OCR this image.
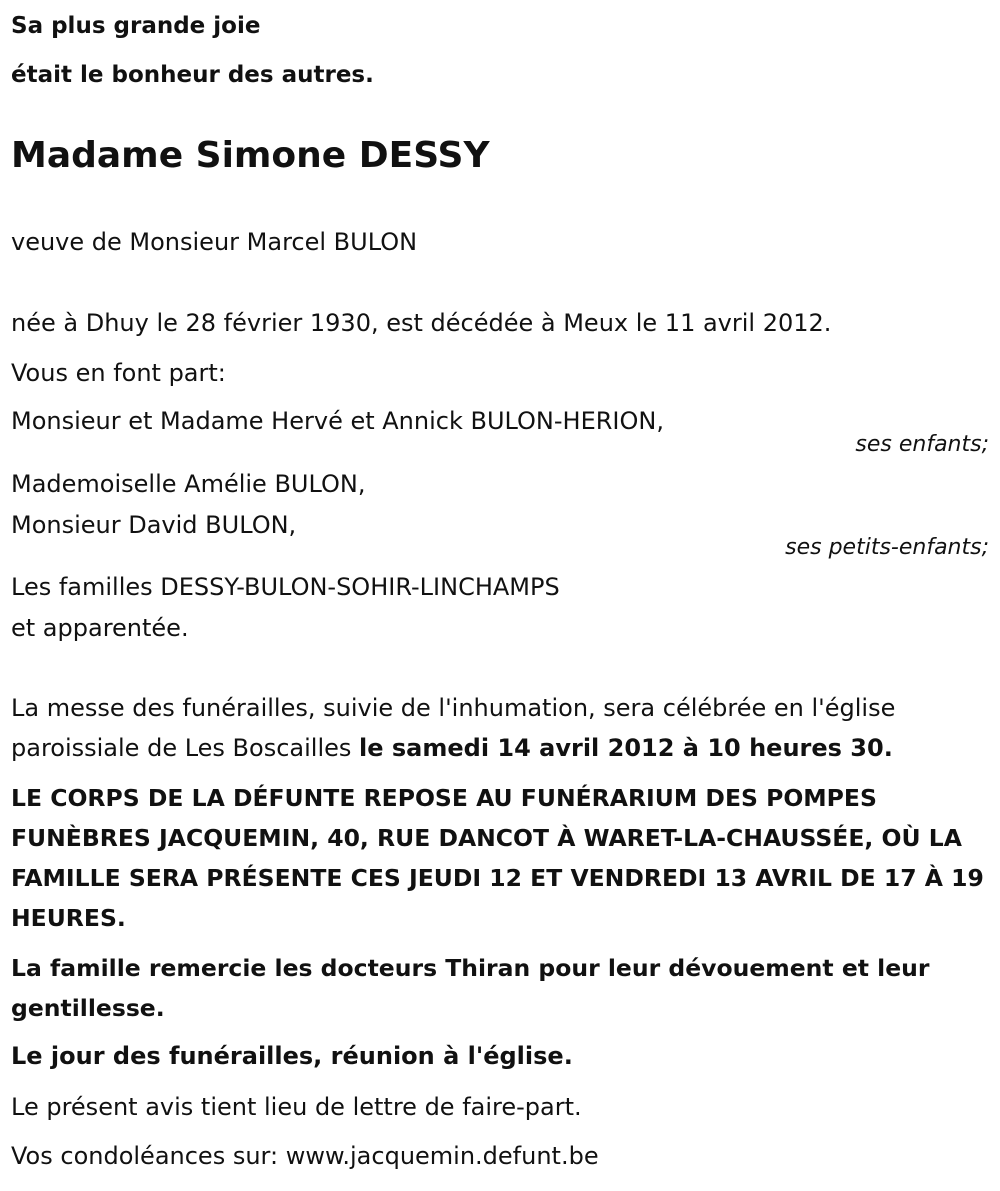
Sa plus grande joie
était le bonheur des autres.
Madame Simone DESSY
veuve de Monsieur Marcel BULON
née à Dhuy le 28 février 1930, est décédée à Meux le 11 avril 2012.
Vous en font part:
Monsieur et Madame Hervé et Annick BULON-HERION,
ses enfants;
Mademoiselle Amélie BULON,
Monsieur David BULON,
ses petits-enfants;
Les familles DESSY-BULON-SOHIR-LINCHAMPS
et apparentée.
La messe des funérailles, suivie de l'inhumation, sera célébrée en l'église paroissiale de Les Boscailles le samedi 14 avril 2012 à 10 heures 30.
LE CORPS DE LA DÉFUNTE REPOSE AU FUNÉRARIUM DES POMPES FUNÈBRES JACQUEMIN, 40, RUE DANCOT À WARET-LA-CHAUSSÉE, OÙ LA FAMILLE SERA PRÉSENTE CES JEUDI 12 ET VENDREDI 13 AVRIL DE 17 À 19 HEURES.
La famille remercie les docteurs Thiran pour leur dévouement et leur gentillesse.
Le jour des funérailles, réunion à l'église.
Le présent avis tient lieu de lettre de faire-part.
Vos condoléances sur: www.jacquemin.defunt.be
